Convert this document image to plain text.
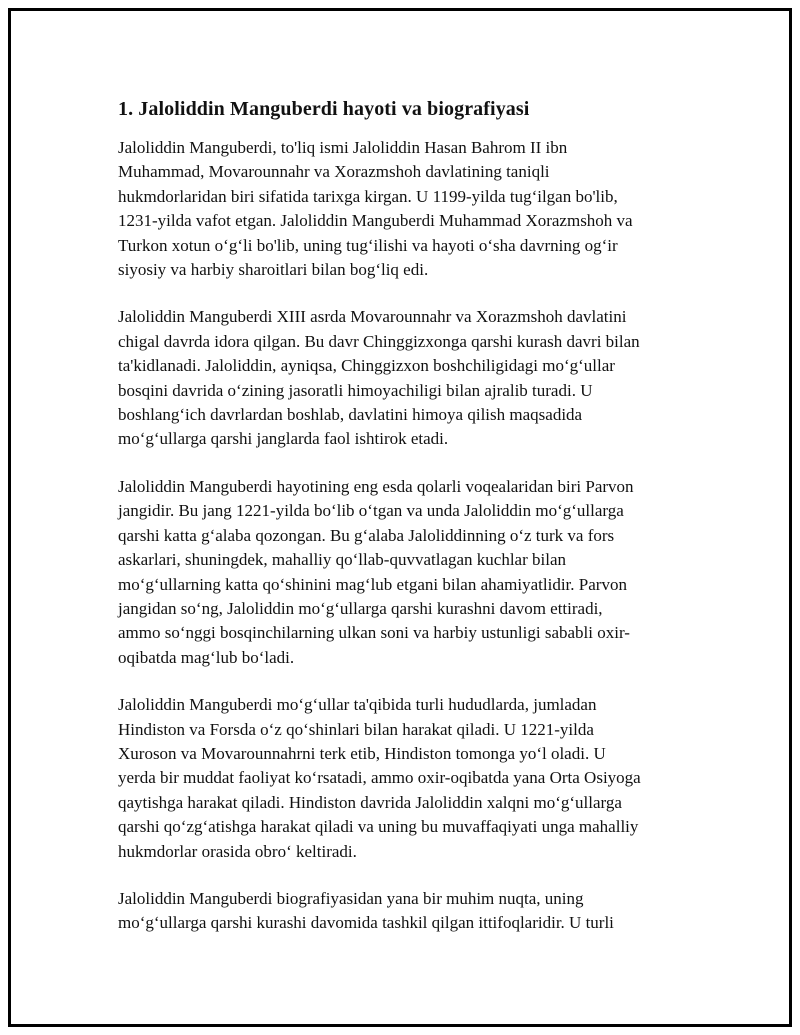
1. Jaloliddin Manguberdi hayoti va biografiyasi

Jaloliddin Manguberdi, to'liq ismi Jaloliddin Hasan Bahrom II ibn
Muhammad, Movarounnahr va Xorazmshoh davlatining taniqli
hukmdorlaridan biri sifatida tarixga kirgan. U 1199-yilda tug‘ilgan bo'lib,
1231-yilda vafot etgan. Jaloliddin Manguberdi Muhammad Xorazmshoh va
Turkon xotun o‘g‘li bo'lib, uning tug‘ilishi va hayoti o‘sha davrning og‘ir
siyosiy va harbiy sharoitlari bilan bog‘liq edi.

Jaloliddin Manguberdi XIII asrda Movarounnahr va Xorazmshoh davlatini
chigal davrda idora qilgan. Bu davr Chinggizxonga qarshi kurash davri bilan
ta'kidlanadi. Jaloliddin, ayniqsa, Chinggizxon boshchiligidagi mo‘g‘ullar
bosqini davrida o‘zining jasoratli himoyachiligi bilan ajralib turadi. U
boshlang‘ich davrlardan boshlab, davlatini himoya qilish maqsadida
mo‘g‘ullarga qarshi janglarda faol ishtirok etadi.

Jaloliddin Manguberdi hayotining eng esda qolarli voqealaridan biri Parvon
jangidir. Bu jang 1221-yilda bo‘lib o‘tgan va unda Jaloliddin mo‘g‘ullarga
qarshi katta g‘alaba qozongan. Bu g‘alaba Jaloliddinning o‘z turk va fors
askarlari, shuningdek, mahalliy qo‘llab-quvvatlagan kuchlar bilan
mo‘g‘ullarning katta qo‘shinini mag‘lub etgani bilan ahamiyatlidir. Parvon
jangidan so‘ng, Jaloliddin mo‘g‘ullarga qarshi kurashni davom ettiradi,
ammo so‘nggi bosqinchilarning ulkan soni va harbiy ustunligi sababli oxir-
oqibatda mag‘lub bo‘ladi.

Jaloliddin Manguberdi mo‘g‘ullar ta'qibida turli hududlarda, jumladan
Hindiston va Forsda o‘z qo‘shinlari bilan harakat qiladi. U 1221-yilda
Xuroson va Movarounnahrni terk etib, Hindiston tomonga yo‘l oladi. U
yerda bir muddat faoliyat ko‘rsatadi, ammo oxir-oqibatda yana Orta Osiyoga
qaytishga harakat qiladi. Hindiston davrida Jaloliddin xalqni mo‘g‘ullarga
qarshi qo‘zg‘atishga harakat qiladi va uning bu muvaffaqiyati unga mahalliy
hukmdorlar orasida obro‘ keltiradi.

Jaloliddin Manguberdi biografiyasidan yana bir muhim nuqta, uning
mo‘g‘ullarga qarshi kurashi davomida tashkil qilgan ittifoqlaridir. U turli
